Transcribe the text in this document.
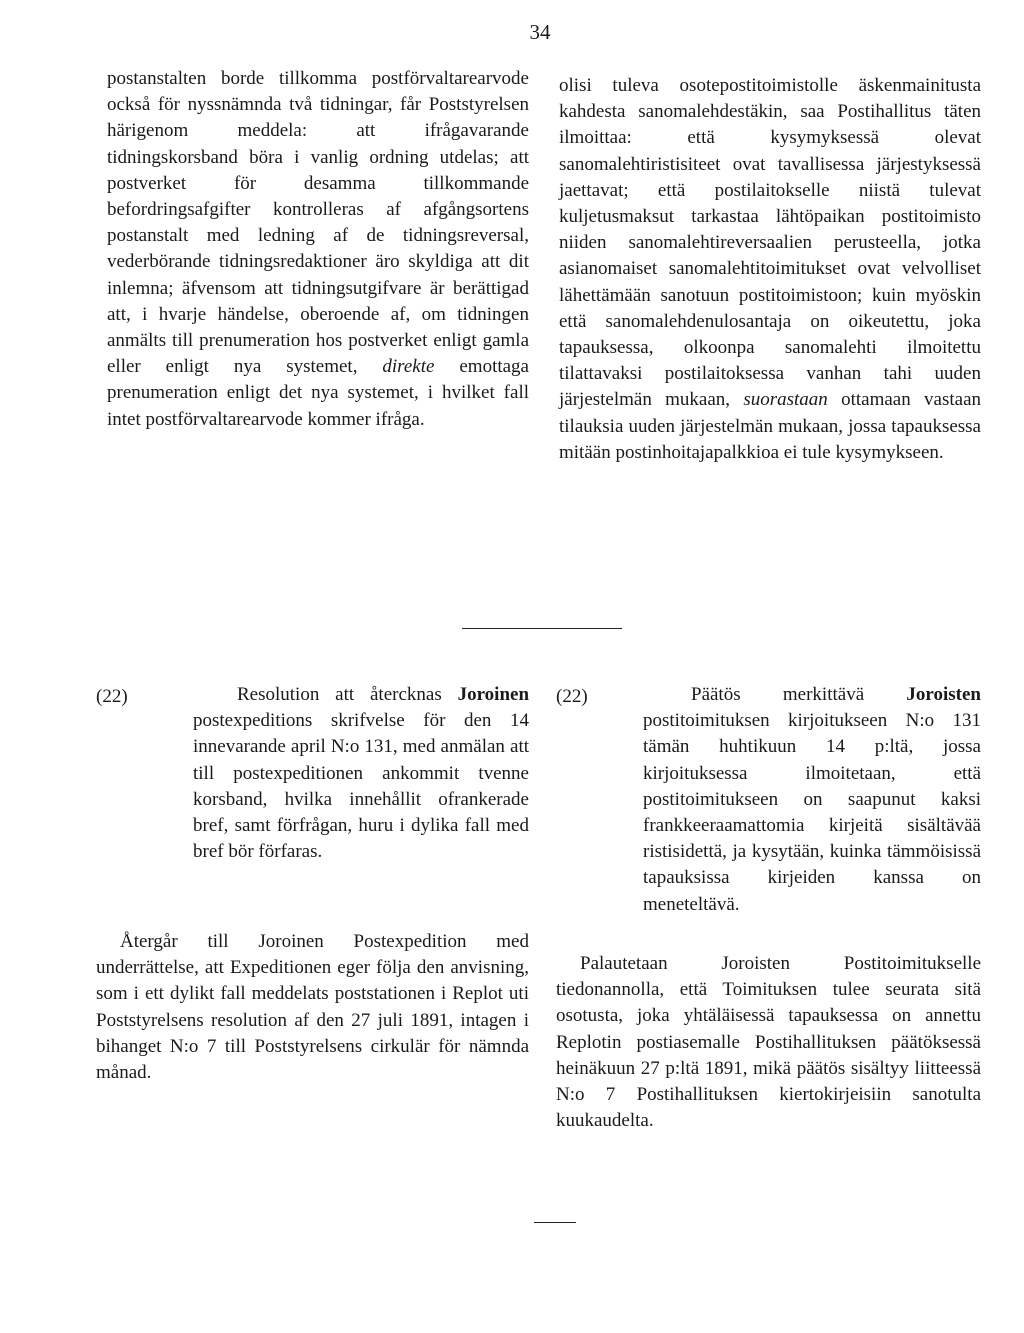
34

postanstalten borde tillkomma postförvaltarearvode också för nyssnämnda två tidningar, får Poststyrelsen härigenom meddela: att ifrågavarande tidningskorsband böra i vanlig ordning utdelas; att postverket för desamma tillkommande befordringsafgifter kontrolleras af afgångsortens postanstalt med ledning af de tidningsreversal, vederbörande tidningsredaktioner äro skyldiga att dit inlemna; äfvensom att tidningsutgifvare är berättigad att, i hvarje händelse, oberoende af, om tidningen anmälts till prenumeration hos postverket enligt gamla eller enligt nya systemet, direkte emottaga prenumeration enligt det nya systemet, i hvilket fall intet postförvaltarearvode kommer ifråga.

olisi tuleva osotepostitoimistolle äskenmainitusta kahdesta sanomalehdestäkin, saa Postihallitus täten ilmoittaa: että kysymyksessä olevat sanomalehtiristisiteet ovat tavallisessa järjestyksessä jaettavat; että postilaitokselle niistä tulevat kuljetusmaksut tarkastaa lähtöpaikan postitoimisto niiden sanomalehtireversaalien perusteella, jotka asianomaiset sanomalehtitoimitukset ovat velvolliset lähettämään sanotuun postitoimistoon; kuin myöskin että sanomalehdenulosantaja on oikeutettu, joka tapauksessa, olkoonpa sanomalehti ilmoitettu tilattavaksi postilaitoksessa vanhan tahi uuden järjestelmän mukaan, suorastaan ottamaan vastaan tilauksia uuden järjestelmän mukaan, jossa tapauksessa mitään postinhoitajapalkkioa ei tule kysymykseen.

(22)	Resolution att återcknas Joroinen postexpeditions skrifvelse för den 14 innevarande april N:o 131, med anmälan att till postexpeditionen ankommit tvenne korsband, hvilka innehållit ofrankerade bref, samt förfrågan, huru i dylika fall med bref bör förfaras.

Återgår till Joroinen Postexpedition med underrättelse, att Expeditionen eger följa den anvisning, som i ett dylikt fall meddelats poststationen i Replot uti Poststyrelsens resolution af den 27 juli 1891, intagen i bihanget N:o 7 till Poststyrelsens cirkulär för nämnda månad.

(22)	Päätös merkittävä Joroisten postitoimituksen kirjoitukseen N:o 131 tämän huhtikuun 14 p:ltä, jossa kirjoituksessa ilmoitetaan, että postitoimitukseen on saapunut kaksi frankkeeraamattomia kirjeitä sisältävää ristisidettä, ja kysytään, kuinka tämmöisissä tapauksissa kirjeiden kanssa on meneteltävä.

Palautetaan Joroisten Postitoimitukselle tiedonannolla, että Toimituksen tulee seurata sitä osotusta, joka yhtäläisessä tapauksessa on annettu Replotin postiasemalle Postihallituksen päätöksessä heinäkuun 27 p:ltä 1891, mikä päätös sisältyy liitteessä N:o 7 Postihallituksen kiertokirjeisiin sanotulta kuukaudelta.
